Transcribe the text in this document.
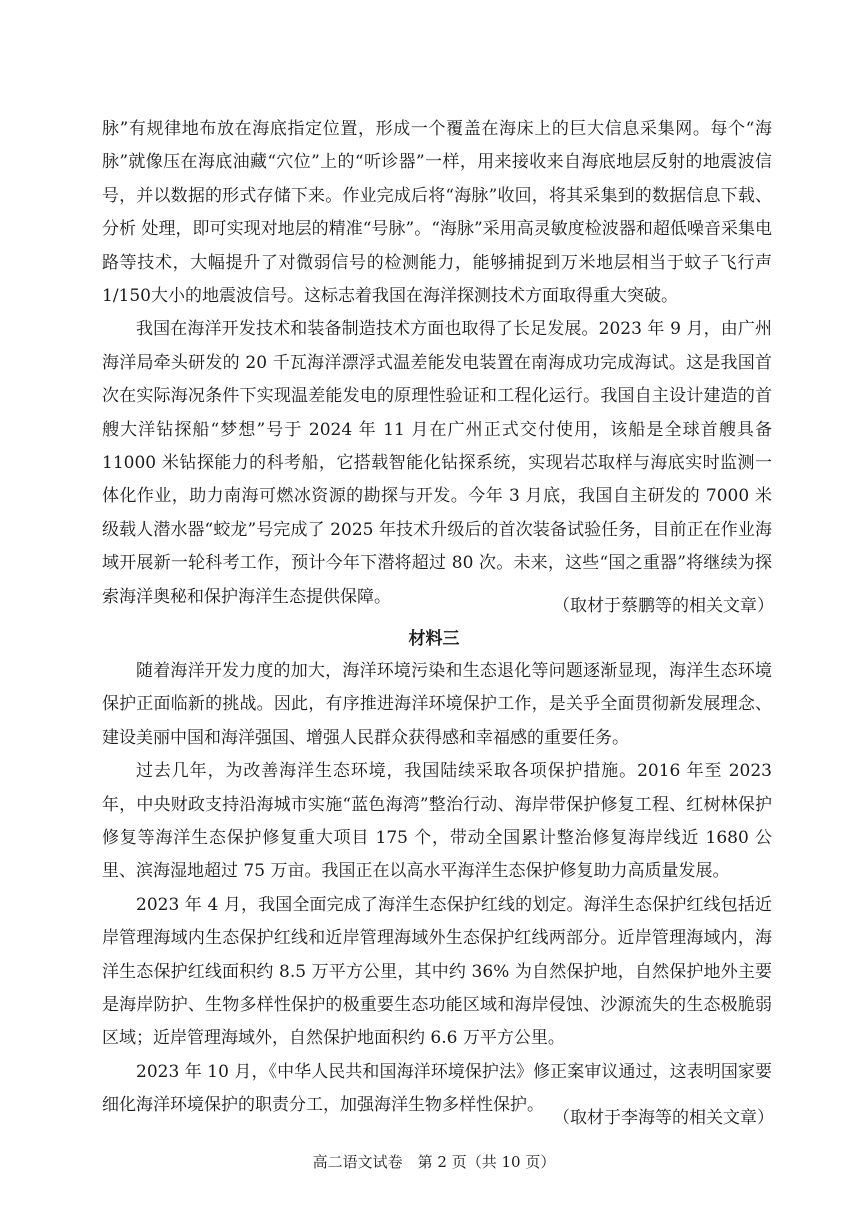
脉”有规律地布放在海底指定位置，形成一个覆盖在海床上的巨大信息采集网。每个“海脉”就像压在海底油藏“穴位”上的“听诊器”一样，用来接收来自海底地层反射的地震波信号，并以数据的形式存储下来。作业完成后将“海脉”收回，将其采集到的数据信息下载、分析 处理，即可实现对地层的精准“号脉”。“海脉”采用高灵敏度检波器和超低噪音采集电路等技术，大幅提升了对微弱信号的检测能力，能够捕捉到万米地层相当于蚊子飞行声1/150大小的地震波信号。这标志着我国在海洋探测技术方面取得重大突破。

我国在海洋开发技术和装备制造技术方面也取得了长足发展。2023 年 9 月，由广州海洋局牵头研发的 20 千瓦海洋漂浮式温差能发电装置在南海成功完成海试。这是我国首次在实际海况条件下实现温差能发电的原理性验证和工程化运行。我国自主设计建造的首艘大洋钻探船“梦想”号于 2024 年 11 月在广州正式交付使用，该船是全球首艘具备 11000 米钻探能力的科考船，它搭载智能化钻探系统，实现岩芯取样与海底实时监测一体化作业，助力南海可燃冰资源的勘探与开发。今年 3 月底，我国自主研发的 7000 米级载人潜水器“蛟龙”号完成了 2025 年技术升级后的首次装备试验任务，目前正在作业海域开展新一轮科考工作，预计今年下潜将超过 80 次。未来，这些“国之重器”将继续为探索海洋奥秘和保护海洋生态提供保障。	（取材于蔡鹏等的相关文章）
材料三

随着海洋开发力度的加大，海洋环境污染和生态退化等问题逐渐显现，海洋生态环境保护正面临新的挑战。因此，有序推进海洋环境保护工作，是关乎全面贯彻新发展理念、建设美丽中国和海洋强国、增强人民群众获得感和幸福感的重要任务。

过去几年，为改善海洋生态环境，我国陆续采取各项保护措施。2016 年至 2023 年，中央财政支持沿海城市实施“蓝色海湾”整治行动、海岸带保护修复工程、红树林保护修复等海洋生态保护修复重大项目 175 个，带动全国累计整治修复海岸线近 1680 公里、滨海湿地超过 75 万亩。我国正在以高水平海洋生态保护修复助力高质量发展。

2023 年 4 月，我国全面完成了海洋生态保护红线的划定。海洋生态保护红线包括近岸管理海域内生态保护红线和近岸管理海域外生态保护红线两部分。近岸管理海域内，海洋生态保护红线面积约 8.5 万平方公里，其中约 36% 为自然保护地，自然保护地外主要是海岸防护、生物多样性保护的极重要生态功能区域和海岸侵蚀、沙源流失的生态极脆弱区域；近岸管理海域外，自然保护地面积约 6.6 万平方公里。

2023 年 10 月，《中华人民共和国海洋环境保护法》修正案审议通过，这表明国家要细化海洋环境保护的职责分工，加强海洋生物多样性保护。

（取材于李海等的相关文章）
高二语文试卷　第 2 页（共 10 页）
